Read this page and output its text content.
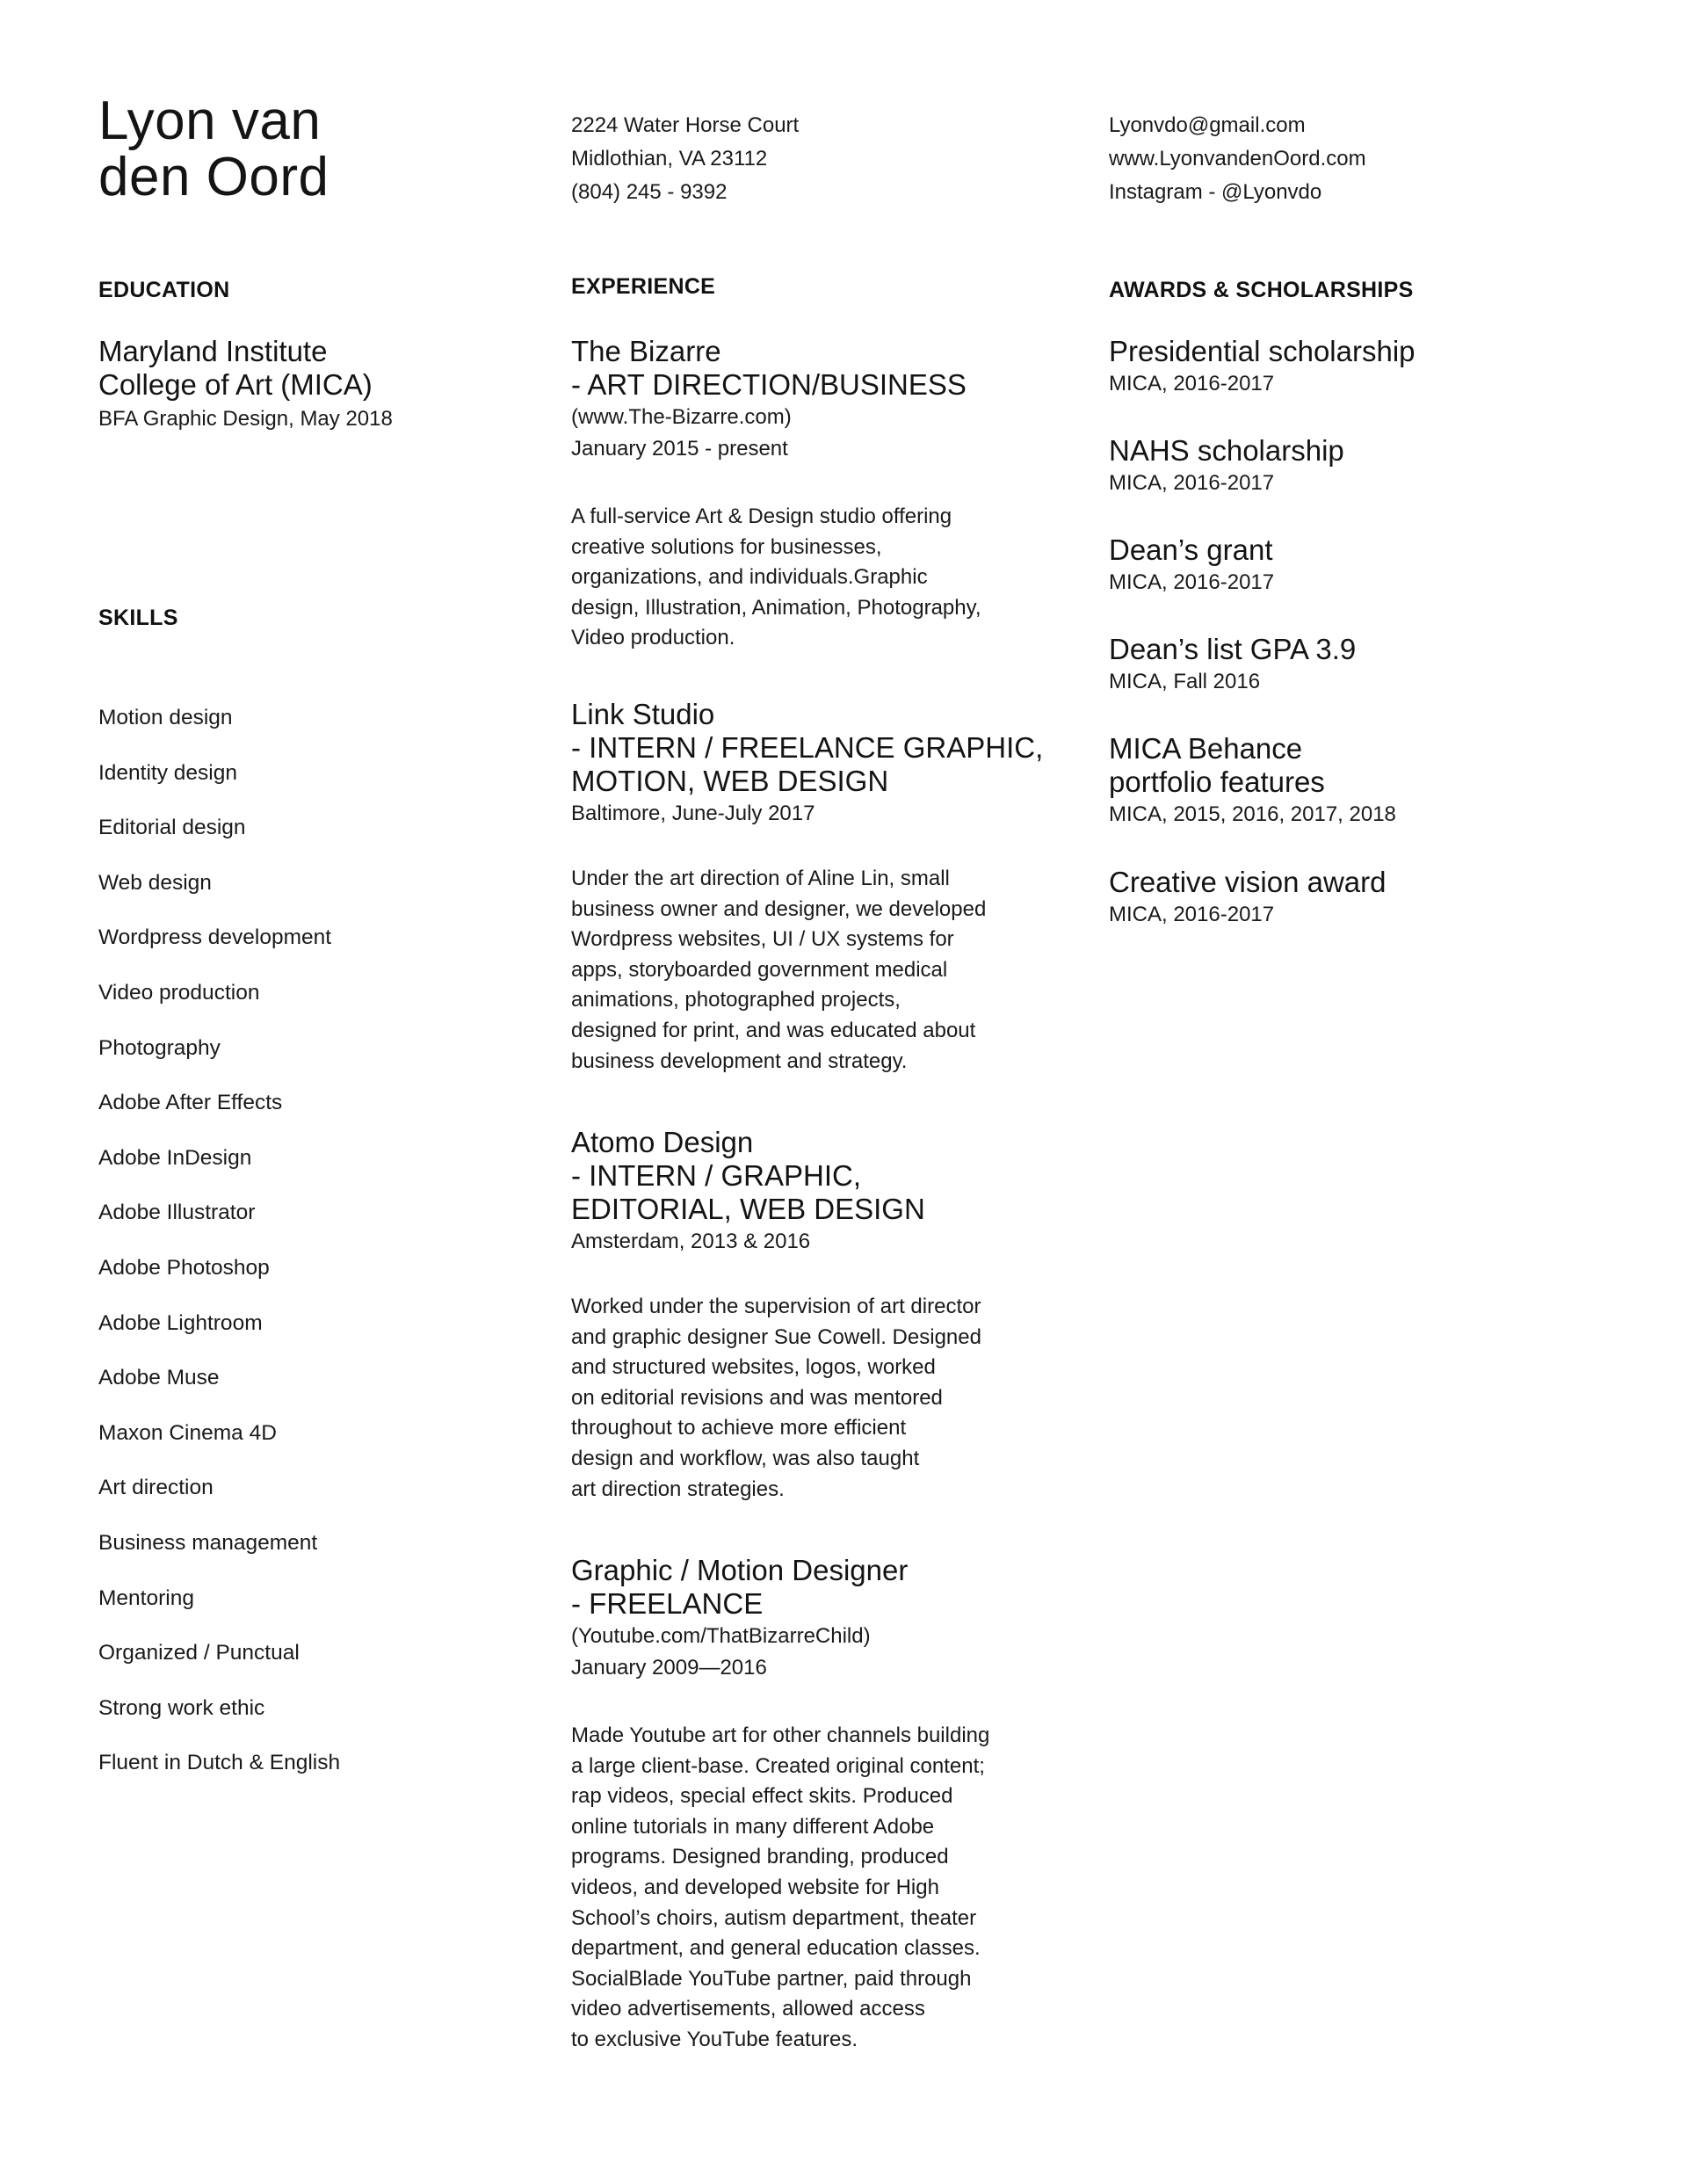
Lyon van
den Oord
EDUCATION
Maryland Institute
College of Art (MICA)
BFA Graphic Design, May 2018
SKILLS
Motion design
Identity design
Editorial design
Web design
Wordpress development
Video production
Photography
Adobe After Effects
Adobe InDesign
Adobe Illustrator
Adobe Photoshop
Adobe Lightroom
Adobe Muse
Maxon Cinema 4D
Art direction
Business management
Mentoring
Organized / Punctual
Strong work ethic
Fluent in Dutch & English
2224 Water Horse Court
Midlothian, VA 23112
(804) 245 - 9392
EXPERIENCE
The Bizarre
- ART DIRECTION/BUSINESS
(www.The-Bizarre.com)
January 2015 - present
A full-service Art & Design studio offering
creative solutions for businesses,
organizations, and individuals.Graphic
design, Illustration, Animation, Photography,
Video production.
Link Studio
- INTERN / FREELANCE GRAPHIC,
MOTION, WEB DESIGN
Baltimore, June-July 2017
Under the art direction of Aline Lin, small
business owner and designer, we developed
Wordpress websites, UI / UX systems for
apps, storyboarded government medical
animations, photographed projects,
designed for print, and was educated about
business development and strategy.
Atomo Design
- INTERN / GRAPHIC,
EDITORIAL, WEB DESIGN
Amsterdam, 2013 & 2016
Worked under the supervision of art director
and graphic designer Sue Cowell. Designed
and structured websites, logos, worked
on editorial revisions and was mentored
throughout to achieve more efficient
design and workflow, was also taught
art direction strategies.
Graphic / Motion Designer
- FREELANCE
(Youtube.com/ThatBizarreChild)
January 2009—2016
Made Youtube art for other channels building
a large client-base. Created original content;
rap videos, special effect skits. Produced
online tutorials in many different Adobe
programs. Designed branding, produced
videos, and developed website for High
School’s choirs, autism department, theater
department, and general education classes.
SocialBlade YouTube partner, paid through
video advertisements, allowed access
to exclusive YouTube features.
Lyonvdo@gmail.com
www.LyonvandenOord.com
Instagram - @Lyonvdo
AWARDS & SCHOLARSHIPS
Presidential scholarship
MICA, 2016-2017
NAHS scholarship
MICA, 2016-2017
Dean’s grant
MICA, 2016-2017
Dean’s list GPA 3.9
MICA, Fall 2016
MICA Behance
portfolio features
MICA, 2015, 2016, 2017, 2018
Creative vision award
MICA, 2016-2017
